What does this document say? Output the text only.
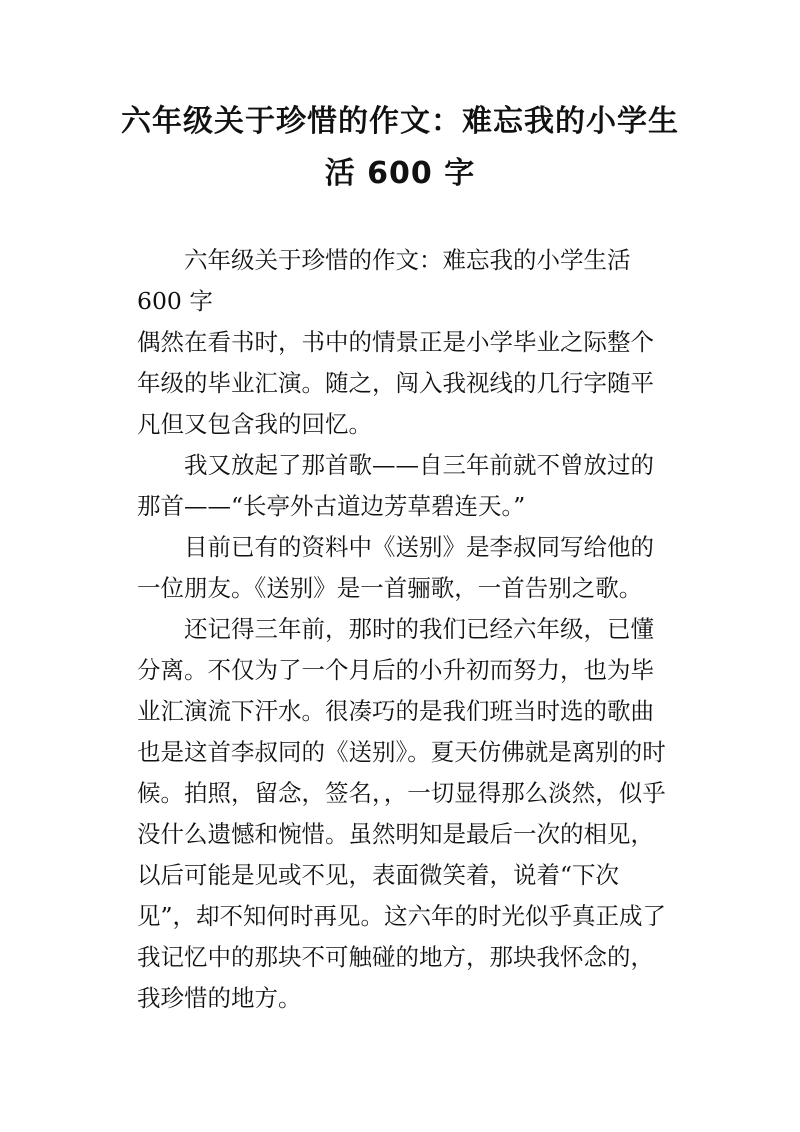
六年级关于珍惜的作文：难忘我的小学生活 600 字

六年级关于珍惜的作文：难忘我的小学生活 600 字

偶然在看书时，书中的情景正是小学毕业之际整个年级的毕业汇演。随之，闯入我视线的几行字随平凡但又包含我的回忆。

我又放起了那首歌——自三年前就不曾放过的那首——“长亭外古道边芳草碧连天。”

目前已有的资料中《送别》是李叔同写给他的一位朋友。《送别》是一首骊歌，一首告别之歌。

还记得三年前，那时的我们已经六年级，已懂分离。不仅为了一个月后的小升初而努力，也为毕业汇演流下汗水。很凑巧的是我们班当时选的歌曲也是这首李叔同的《送别》。夏天仿佛就是离别的时候。拍照，留念，签名，，一切显得那么淡然，似乎没什么遗憾和惋惜。虽然明知是最后一次的相见，以后可能是见或不见，表面微笑着，说着“下次见”，却不知何时再见。这六年的时光似乎真正成了我记忆中的那块不可触碰的地方，那块我怀念的，我珍惜的地方。
